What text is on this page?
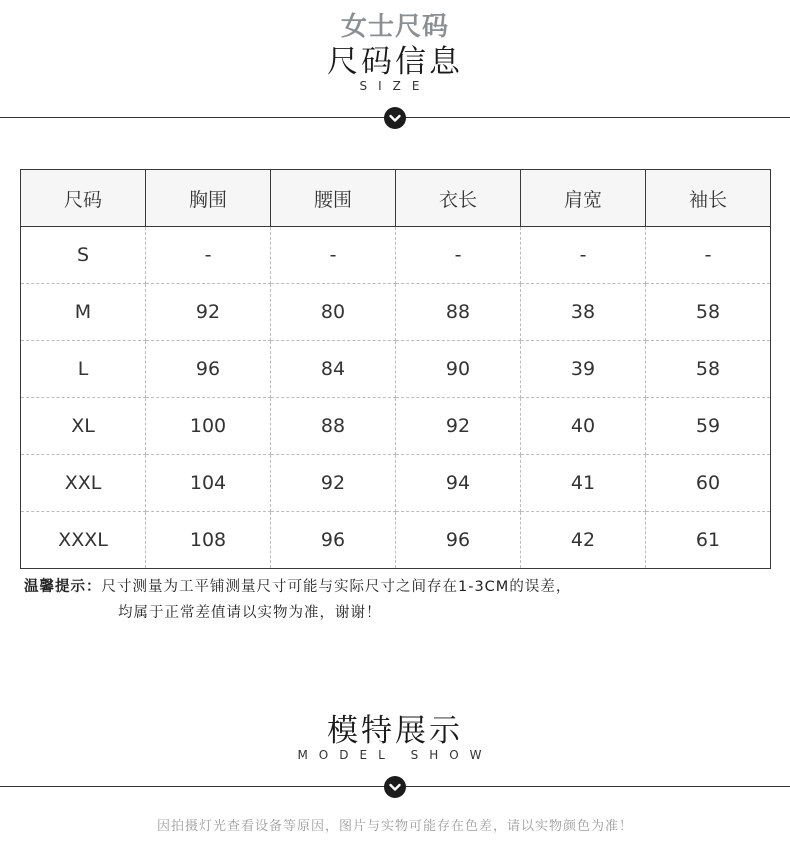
女士尺码
尺码信息
SIZE
尺码	胸围	腰围	衣长	肩宽	袖长
S	-	-	-	-	-
M	92	80	88	38	58
L	96	84	90	39	58
XL	100	88	92	40	59
XXL	104	92	94	41	60
XXXL	108	96	96	42	61
温馨提示：尺寸测量为工平铺测量尺寸可能与实际尺寸之间存在1-3CM的误差，
均属于正常差值请以实物为准，谢谢！
模特展示
MODEL SHOW
因拍摄灯光查看设备等原因，图片与实物可能存在色差，请以实物颜色为准！
